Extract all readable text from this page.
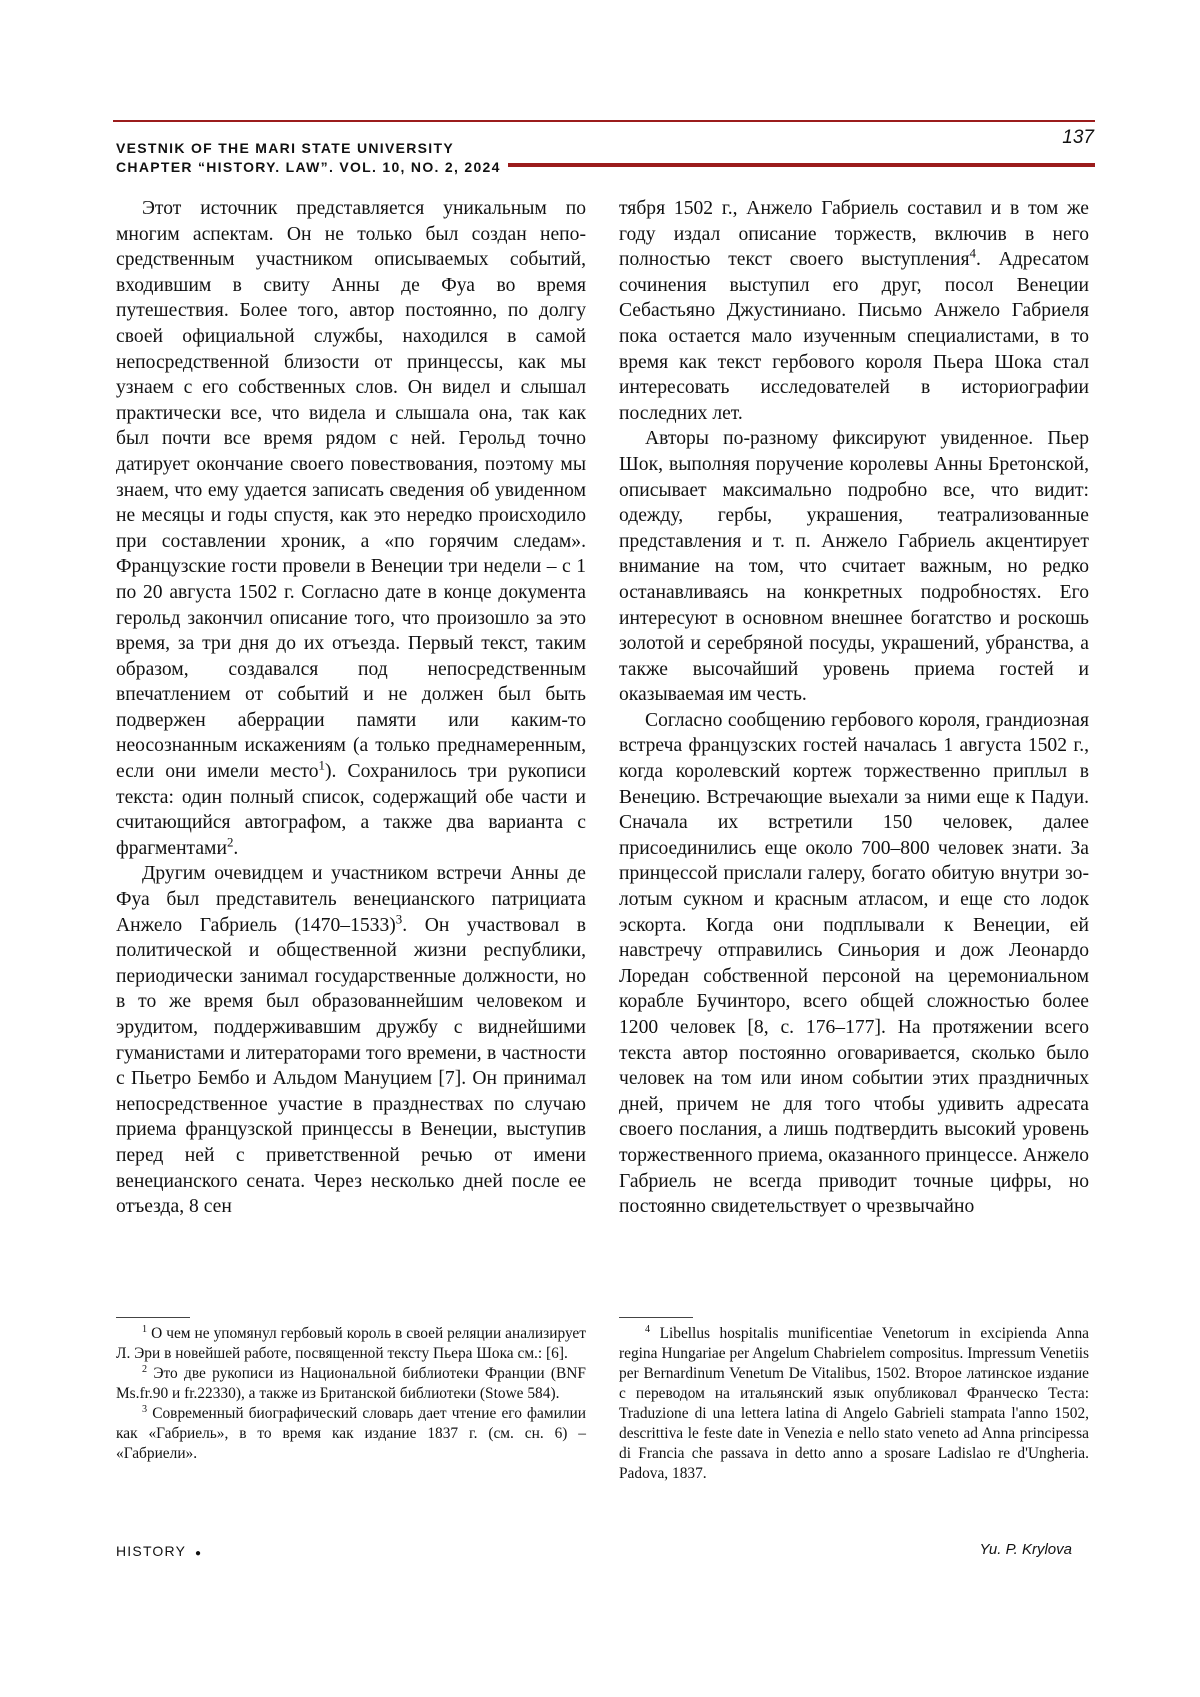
VESTNIK OF THE MARI STATE UNIVERSITY
CHAPTER “HISTORY. LAW”. VOL. 10, NO. 2, 2024
137

Этот источник представляется уникальным по многим аспектам. Он не только был создан непосредственным участником описываемых событий, входившим в свиту Анны де Фуа во время путешествия. Более того, автор постоянно, по долгу своей официальной службы, находился в самой непосредственной близости от принцессы, как мы узнаем с его собственных слов. Он видел и слышал практически все, что видела и слышала она, так как был почти все время рядом с ней. Герольд точно датирует окончание своего повествования, поэтому мы знаем, что ему удается записать сведения об увиденном не месяцы и годы спустя, как это нередко происходило при составлении хроник, а «по горячим следам». Французские гости провели в Венеции три недели – с 1 по 20 августа 1502 г. Согласно дате в конце документа герольд закончил описание того, что произошло за это время, за три дня до их отъезда. Первый текст, таким образом, создавался под непосредственным впечатлением от событий и не должен был быть подвержен аберрации памяти или каким-то неосознанным искажениям (а только преднамеренным, если они имели место$^1$). Сохранилось три рукописи текста: один полный список, содержащий обе части и считающийся автографом, а также два варианта с фрагментами$^2$.

Другим очевидцем и участником встречи Анны де Фуа был представитель венецианского патрициата Анжело Габриель (1470–1533)$^3$. Он участвовал в политической и общественной жизни республики, периодически занимал государственные должности, но в то же время был образованнейшим человеком и эрудитом, поддерживавшим дружбу с виднейшими гуманистами и литераторами того времени, в частности с Пьетро Бембо и Альдом Мануцием [7]. Он принимал непосредственное участие в празднествах по случаю приема французской принцессы в Венеции, выступив перед ней с приветственной речью от имени венецианского сената. Через несколько дней после ее отъезда, 8 сен

тября 1502 г., Анжело Габриель составил и в том же году издал описание торжеств, включив в него полностью текст своего выступления$^4$. Адресатом сочинения выступил его друг, посол Венеции Себастьяно Джустиниано. Письмо Анжело Габриеля пока остается мало изученным специалистами, в то время как текст гербового короля Пьера Шока стал интересовать исследователей в историографии последних лет.

Авторы по-разному фиксируют увиденное. Пьер Шок, выполняя поручение королевы Анны Бретонской, описывает максимально подробно все, что видит: одежду, гербы, украшения, театрализованные представления и т. п. Анжело Габриель акцентирует внимание на том, что считает важным, но редко останавливаясь на конкретных подробностях. Его интересуют в основном внешнее богатство и роскошь золотой и серебряной посуды, украшений, убранства, а также высочайший уровень приема гостей и оказываемая им честь.

Согласно сообщению гербового короля, грандиозная встреча французских гостей началась 1 августа 1502 г., когда королевский кортеж торжественно приплыл в Венецию. Встречающие выехали за ними еще к Падуи. Сначала их встретили 150 человек, далее присоединились еще около 700–800 человек знати. За принцессой прислали галеру, богато обитую внутри золотым сукном и красным атласом, и еще сто лодок эскорта. Когда они подплывали к Венеции, ей навстречу отправились Синьория и дож Леонардо Лоредан собственной персоной на церемониальном корабле Бучинторо, всего общей сложностью более 1200 человек [8, с. 176–177]. На протяжении всего текста автор постоянно оговаривается, сколько было человек на том или ином событии этих праздничных дней, причем не для того чтобы удивить адресата своего послания, а лишь подтвердить высокий уровень торжественного приема, оказанного принцессе. Анжело Габриель не всегда приводит точные цифры, но постоянно свидетельствует о чрезвычайно

$^1$ О чем не упомянул гербовый король в своей реляции анализирует Л. Эри в новейшей работе, посвященной тексту Пьера Шока см.: [6].

$^2$ Это две рукописи из Национальной библиотеки Франции (BNF Ms.fr.90 и fr.22330), а также из Британской библиотеки (Stowe 584).

$^3$ Современный биографический словарь дает чтение его фамилии как «Габриель», в то время как издание 1837 г. (см. сн. 6) – «Габриели».

$^4$ Libellus hospitalis munificentiae Venetorum in excipienda Anna regina Hungariae per Angelum Chabrielem compositus. Impressum Venetiis per Bernardinum Venetum De Vitalibus, 1502. Второе латинское издание с переводом на итальянский язык опубликовал Франческо Теста: Traduzione di una lettera latina di Angelo Gabrieli stampata l'anno 1502, descrittiva le feste date in Venezia e nello stato veneto ad Anna principessa di Francia che passava in detto anno a sposare Ladislao re d'Ungheria. Padova, 1837.

HISTORY ●	Yu. P. Krylova
